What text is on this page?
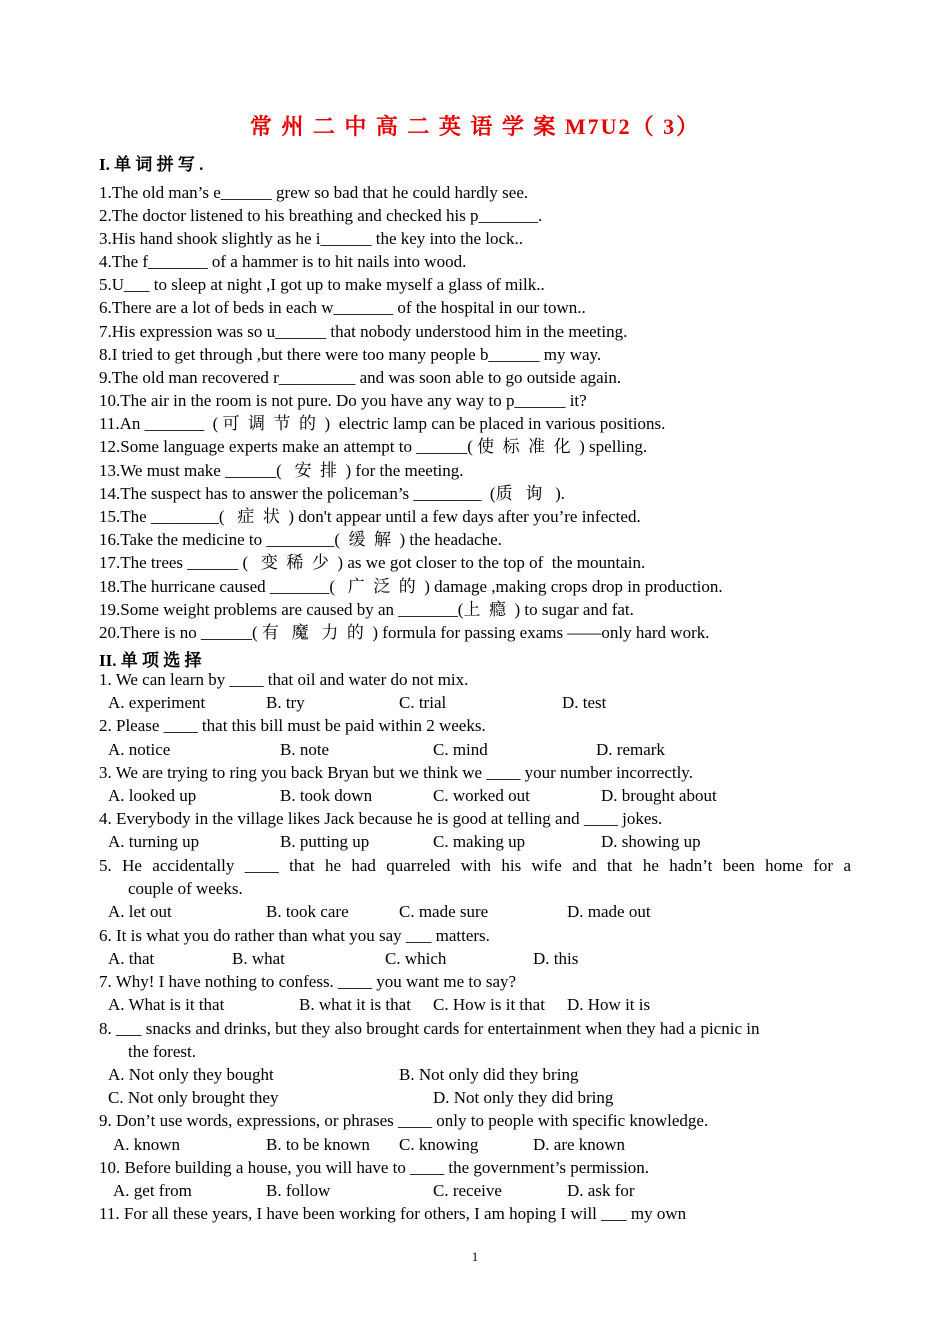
常 州 二 中 高 二 英 语 学 案 M7U2（ 3）
I. 单 词 拼 写 .
1.The old man’s e______ grew so bad that he could hardly see.
2.The doctor listened to his breathing and checked his p_______.
3.His hand shook slightly as he i______ the key into the lock..
4.The f_______ of a hammer is to hit nails into wood.
5.U___ to sleep at night ,I got up to make myself a glass of milk..
6.There are a lot of beds in each w_______ of the hospital in our town..
7.His expression was so u______ that nobody understood him in the meeting.
8.I tried to get through ,but there were too many people b______ my way.
9.The old man recovered r_________ and was soon able to go outside again.
10.The air in the room is not pure. Do you have any way to p______ it?
11.An _______  ( 可  调  节  的  )  electric lamp can be placed in various positions.
12.Some language experts make an attempt to ______( 使  标  准  化  ) spelling.
13.We must make ______(   安  排  ) for the meeting.
14.The suspect has to answer the policeman’s ________  (质   询   ).
15.The ________(   症  状  ) don't appear until a few days after you’re infected.
16.Take the medicine to ________(  缓  解  ) the headache.
17.The trees ______ (   变  稀  少  ) as we got closer to the top of  the mountain.
18.The hurricane caused _______(   广  泛  的  ) damage ,making crops drop in production.
19.Some weight problems are caused by an _______(上  瘾  ) to sugar and fat.
20.There is no ______( 有   魔   力  的  ) formula for passing exams ——only hard work.
II. 单 项 选 择
1. We can learn by ____ that oil and water do not mix.
A. experiment	B. try	C. trial	D. test
2. Please ____ that this bill must be paid within 2 weeks.
A. notice	B. note	C. mind	D. remark
3. We are trying to ring you back Bryan but we think we ____ your number incorrectly.
A. looked up	B. took down	C. worked out	D. brought about
4. Everybody in the village likes Jack because he is good at telling and ____ jokes.
A. turning up	B. putting up	C. making up	D. showing up
5. He accidentally ____ that he had quarreled with his wife and that he hadn’t been home for a
couple of weeks.
A. let out	B. took care	C. made sure	D. made out
6. It is what you do rather than what you say ___ matters.
A. that	B. what	C. which	D. this
7. Why! I have nothing to confess. ____ you want me to say?
A. What is it that	B. what it is that C. How is it that D. How it is
8. ___ snacks and drinks, but they also brought cards for entertainment when they had a picnic in
the forest.
A. Not only they bought	B. Not only did they bring
C. Not only brought they	D. Not only they did bring
9. Don’t use words, expressions, or phrases ____ only to people with specific knowledge.
A. known	B. to be known C. knowing	D. are known
10. Before building a house, you will have to ____ the government’s permission.
A. get from	B. follow	C. receive	D. ask for
11. For all these years, I have been working for others, I am hoping I will ___ my own
1
